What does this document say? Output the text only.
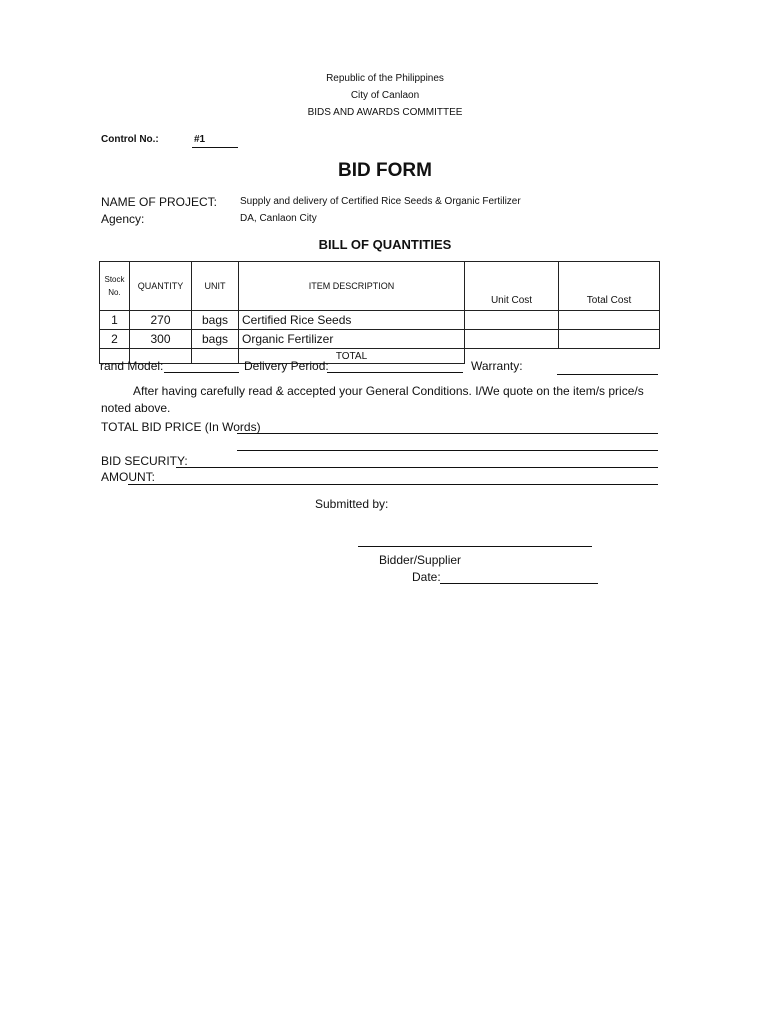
Republic of the Philippines
City of Canlaon
BIDS AND AWARDS COMMITTEE
Control No.:	#1
BID FORM
NAME OF PROJECT: Supply and delivery of Certified Rice Seeds & Organic Fertilizer
Agency:	DA, Canlaon City
BILL OF QUANTITIES
Stock No.	QUANTITY	UNIT	ITEM DESCRIPTION	Unit Cost	Total Cost
1	270	bags	Certified Rice Seeds		
2	300	bags	Organic Fertilizer		
			TOTAL		
rand Model:	Delivery Period:	Warranty:
After having carefully read & accepted your General Conditions. I/We quote on the item/s price/s
noted above.
TOTAL BID PRICE (In Words)
BID SECURITY:
AMOUNT:
Submitted by:
Bidder/Supplier
Date:
